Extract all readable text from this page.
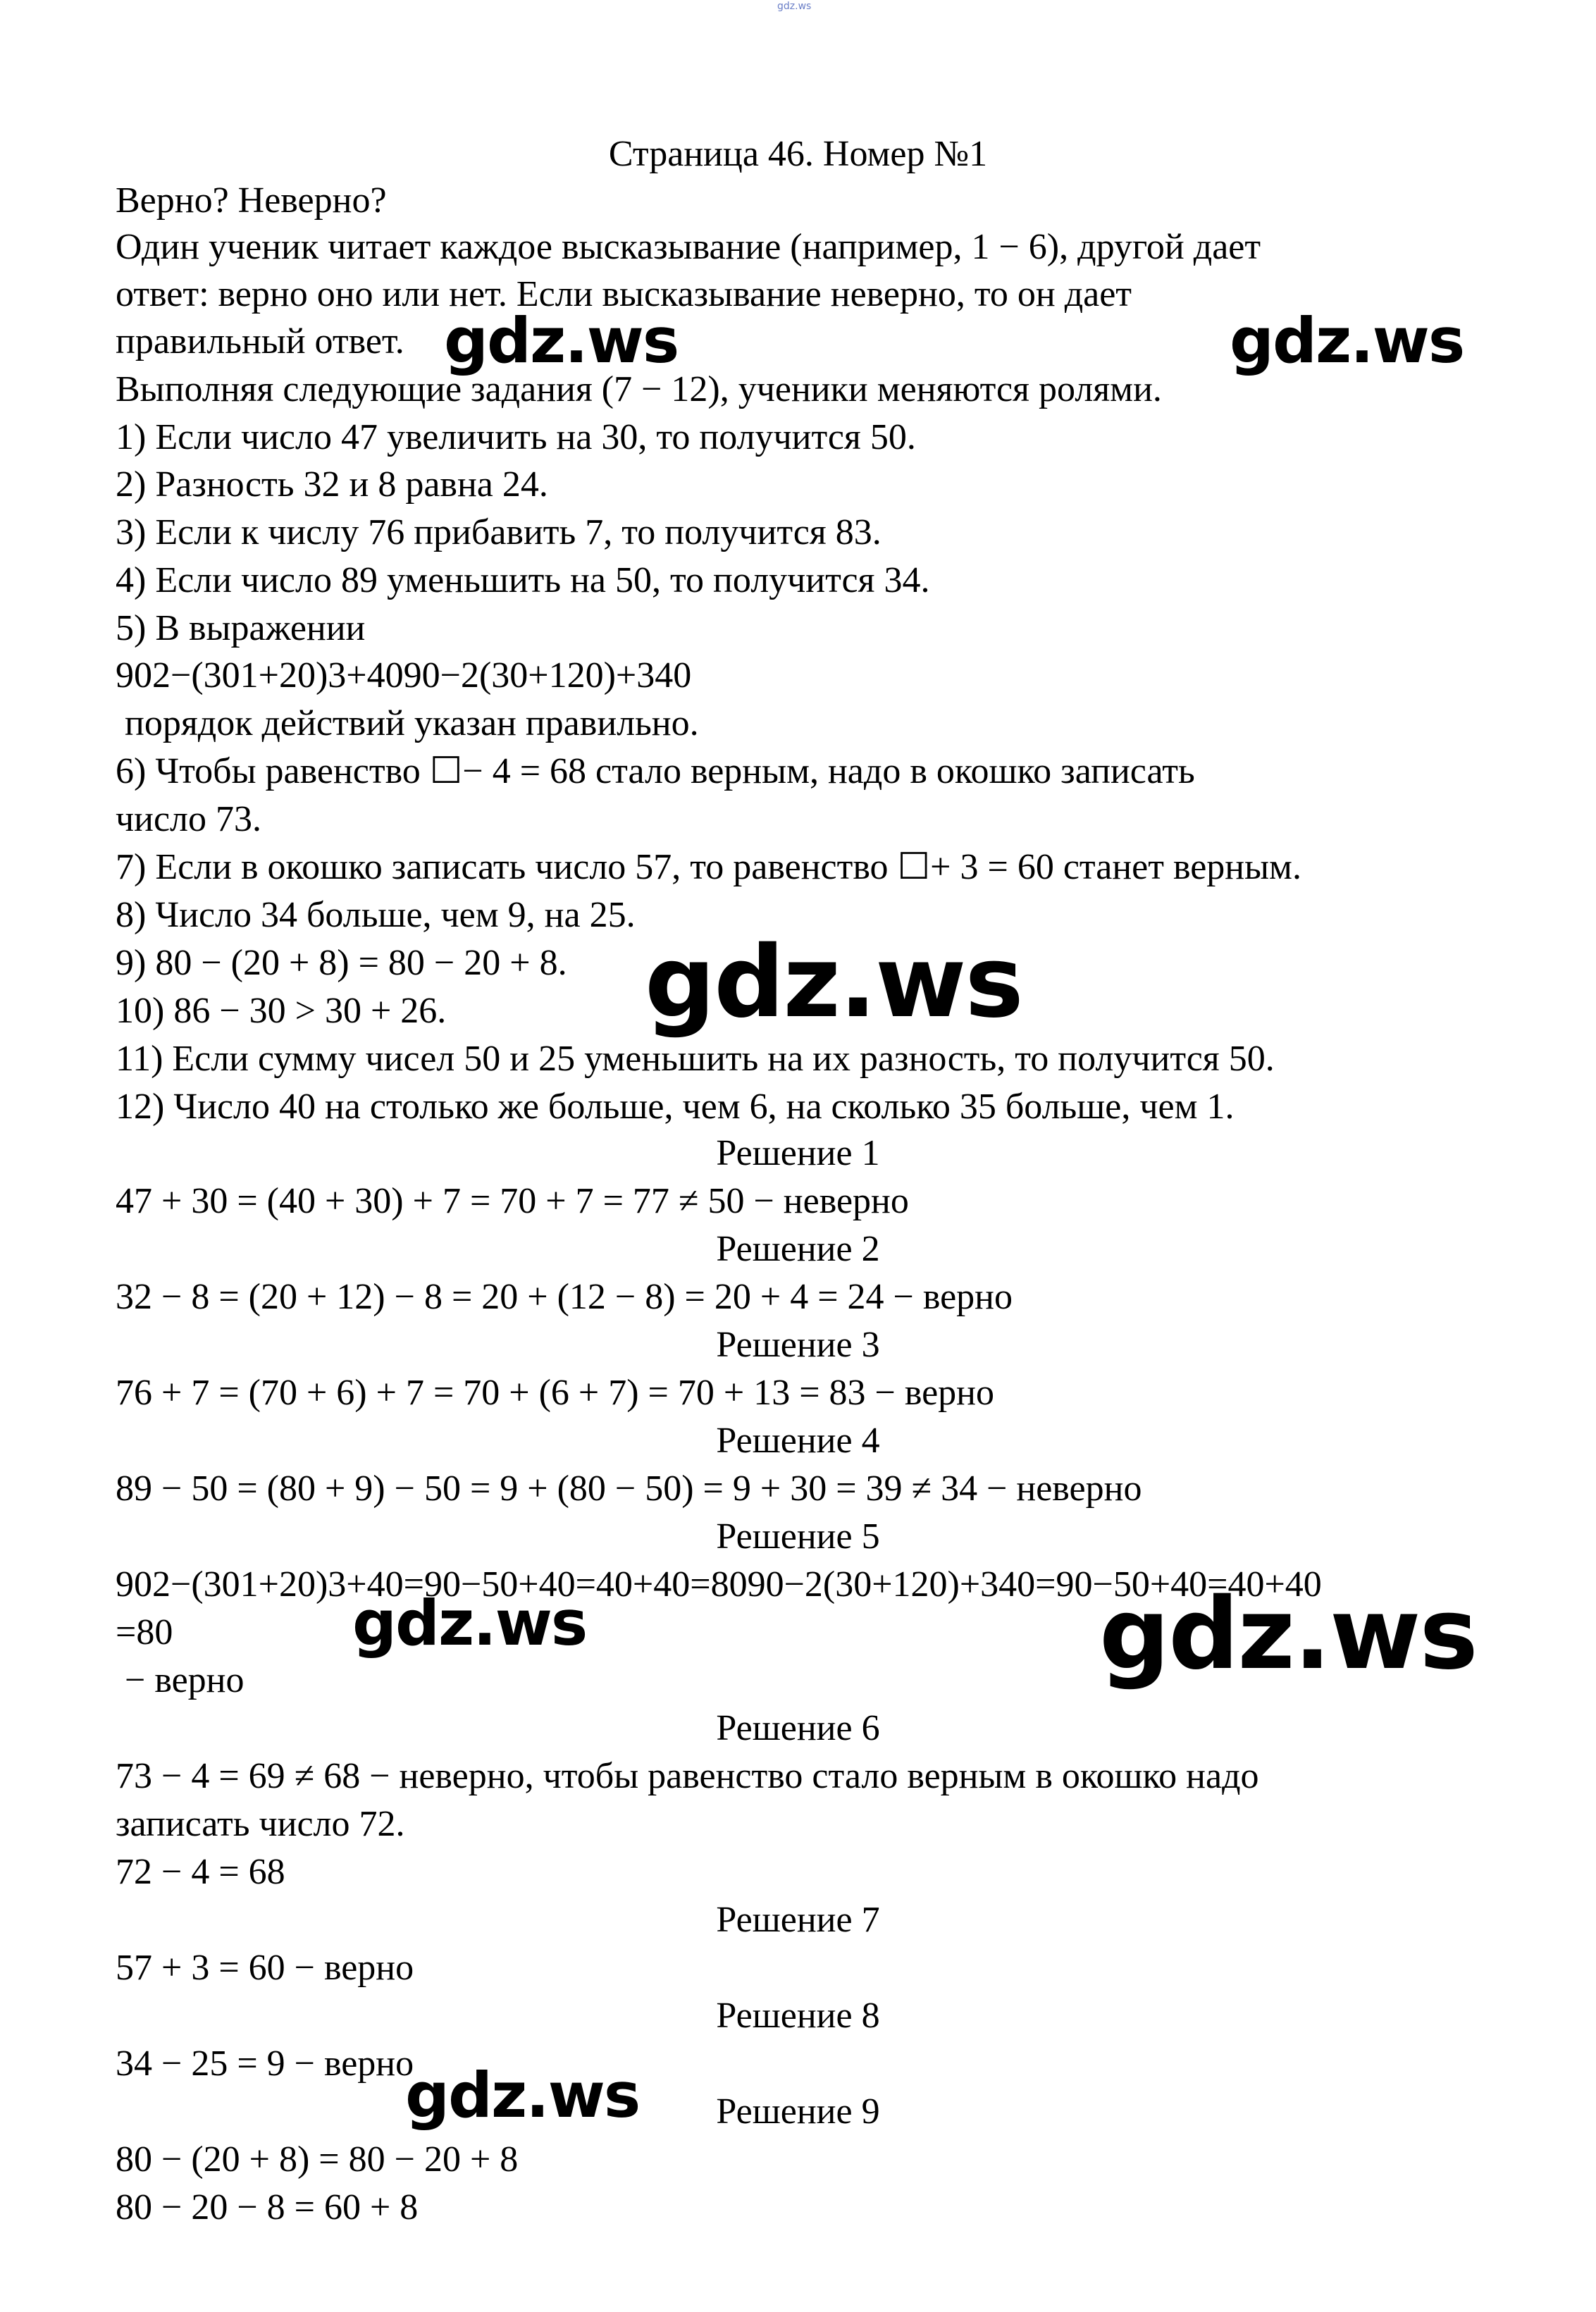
gdz.ws
Страница 46. Номер №1
Верно? Неверно?
Один ученик читает каждое высказывание (например, 1 − 6), другой дает
ответ: верно оно или нет. Если высказывание неверно, то он дает
правильный ответ.
Выполняя следующие задания (7 − 12), ученики меняются ролями.
1) Если число 47 увеличить на 30, то получится 50.
2) Разность 32 и 8 равна 24.
3) Если к числу 76 прибавить 7, то получится 83.
4) Если число 89 уменьшить на 50, то получится 34.
5) В выражении
902−(301+20)3+4090−2(30+120)+340
порядок действий указан правильно.
6) Чтобы равенство ☐− 4 = 68 стало верным, надо в окошко записать
число 73.
7) Если в окошко записать число 57, то равенство ☐+ 3 = 60 станет верным.
8) Число 34 больше, чем 9, на 25.
9) 80 − (20 + 8) = 80 − 20 + 8.
10) 86 − 30 > 30 + 26.
11) Если сумму чисел 50 и 25 уменьшить на их разность, то получится 50.
12) Число 40 на столько же больше, чем 6, на сколько 35 больше, чем 1.
Решение 1
47 + 30 = (40 + 30) + 7 = 70 + 7 = 77 ≠ 50 − неверно
Решение 2
32 − 8 = (20 + 12) − 8 = 20 + (12 − 8) = 20 + 4 = 24 − верно
Решение 3
76 + 7 = (70 + 6) + 7 = 70 + (6 + 7) = 70 + 13 = 83 − верно
Решение 4
89 − 50 = (80 + 9) − 50 = 9 + (80 − 50) = 9 + 30 = 39 ≠ 34 − неверно
Решение 5
902−(301+20)3+40=90−50+40=40+40=8090−2(30+120)+340=90−50+40=40+40
=80
− верно
Решение 6
73 − 4 = 69 ≠ 68 − неверно, чтобы равенство стало верным в окошко надо
записать число 72.
72 − 4 = 68
Решение 7
57 + 3 = 60 − верно
Решение 8
34 − 25 = 9 − верно
Решение 9
80 − (20 + 8) = 80 − 20 + 8
80 − 20 − 8 = 60 + 8
gdz.ws	gdz.ws
gdz.ws
gdz.ws	gdz.ws
gdz.ws
